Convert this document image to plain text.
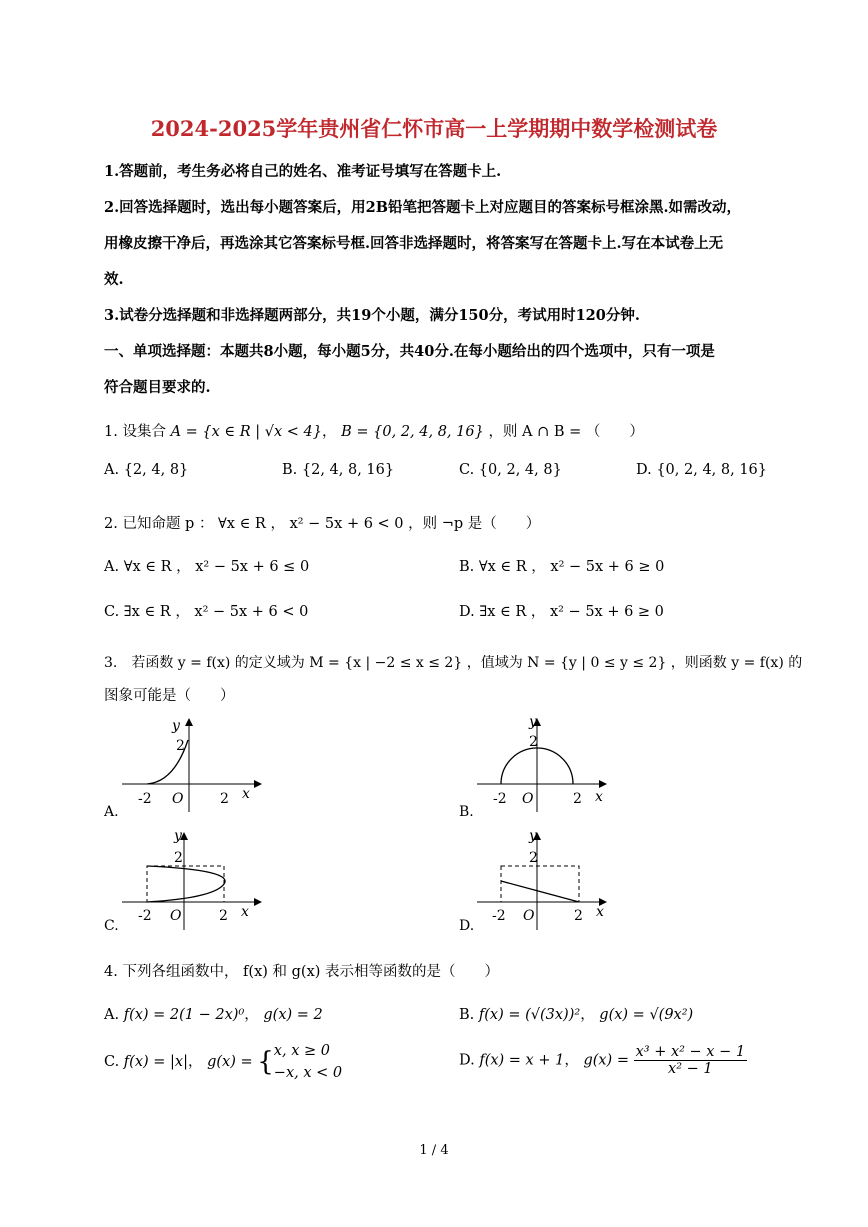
2024-2025学年贵州省仁怀市高一上学期期中数学检测试卷
1.答题前，考生务必将自己的姓名、准考证号填写在答题卡上.
2.回答选择题时，选出每小题答案后，用2B铅笔把答题卡上对应题目的答案标号框涂黑.如需改动，
用橡皮擦干净后，再选涂其它答案标号框.回答非选择题时，将答案写在答题卡上.写在本试卷上无
效.
3.试卷分选择题和非选择题两部分，共19个小题，满分150分，考试用时120分钟.
一、单项选择题：本题共8小题，每小题5分，共40分.在每小题给出的四个选项中，只有一项是
符合题目要求的.
1. 设集合 A = {x ∈ R | √x < 4}， B = {0, 2, 4, 8, 16} ，则 A ∩ B = （　　）
A. {2, 4, 8}	B. {2, 4, 8, 16}	C. {0, 2, 4, 8}	D. {0, 2, 4, 8, 16}
2. 已知命题 p ： ∀x ∈ R ， x² − 5x + 6 < 0 ，则 ¬p 是（　　）
A. ∀x ∈ R ， x² − 5x + 6 ≤ 0	B. ∀x ∈ R ， x² − 5x + 6 ≥ 0
C. ∃x ∈ R ， x² − 5x + 6 < 0	D. ∃x ∈ R ， x² − 5x + 6 ≥ 0
3.　若函数 y = f(x) 的定义域为 M = {x | −2 ≤ x ≤ 2} ，值域为 N = {y | 0 ≤ y ≤ 2} ，则函数 y = f(x) 的
图象可能是（　　）
A.
y
2
-2 O	2 x
B.
y
2
-2 O	2 x
C.
y
2
-2 O	2 x
D.
y
2
-2 O	2 x
4. 下列各组函数中， f(x) 和 g(x) 表示相等函数的是（　　）
A. f(x) = 2(1 − 2x)⁰， g(x) = 2	B. f(x) = (√(3x))²， g(x) = √(9x²)
C. f(x) = |x|， g(x) = { x, x ≥ 0
−x, x < 0
D. f(x) = x + 1， $g(x) = \frac{\text{x³ + x² − x − 1}}{\text{x² − 1}}$
1 / 4
